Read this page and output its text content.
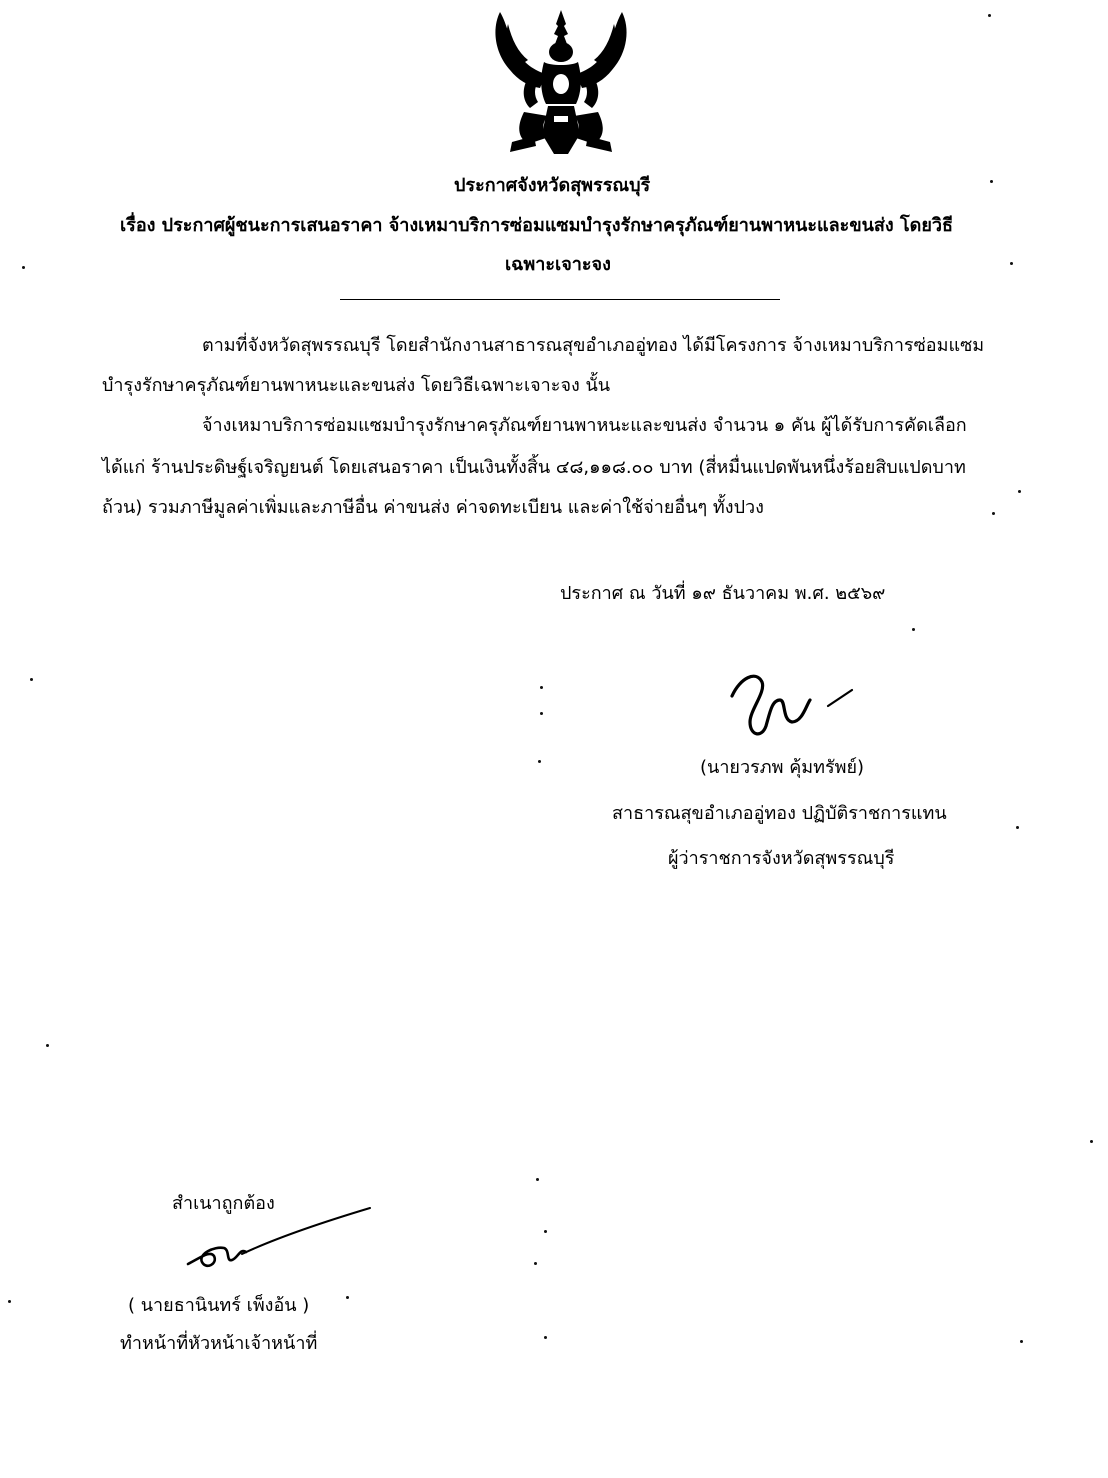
ประกาศจังหวัดสุพรรณบุรี
เรื่อง ประกาศผู้ชนะการเสนอราคา จ้างเหมาบริการซ่อมแซมบำรุงรักษาครุภัณฑ์ยานพาหนะและขนส่ง โดยวิธี
เฉพาะเจาะจง
ตามที่จังหวัดสุพรรณบุรี โดยสำนักงานสาธารณสุขอำเภออู่ทอง ได้มีโครงการ จ้างเหมาบริการซ่อมแซม
บำรุงรักษาครุภัณฑ์ยานพาหนะและขนส่ง โดยวิธีเฉพาะเจาะจง นั้น
จ้างเหมาบริการซ่อมแซมบำรุงรักษาครุภัณฑ์ยานพาหนะและขนส่ง จำนวน ๑ คัน ผู้ได้รับการคัดเลือก
ได้แก่ ร้านประดิษฐ์เจริญยนต์ โดยเสนอราคา เป็นเงินทั้งสิ้น ๔๘,๑๑๘.๐๐ บาท (สี่หมื่นแปดพันหนึ่งร้อยสิบแปดบาท
ถ้วน) รวมภาษีมูลค่าเพิ่มและภาษีอื่น ค่าขนส่ง ค่าจดทะเบียน และค่าใช้จ่ายอื่นๆ ทั้งปวง
ประกาศ ณ วันที่ ๑๙ ธันวาคม พ.ศ. ๒๕๖๙
(นายวรภพ คุ้มทรัพย์)
สาธารณสุขอำเภออู่ทอง ปฏิบัติราชการแทน
ผู้ว่าราชการจังหวัดสุพรรณบุรี
สำเนาถูกต้อง
( นายธานินทร์ เพ็งอ้น )
ทำหน้าที่หัวหน้าเจ้าหน้าที่
